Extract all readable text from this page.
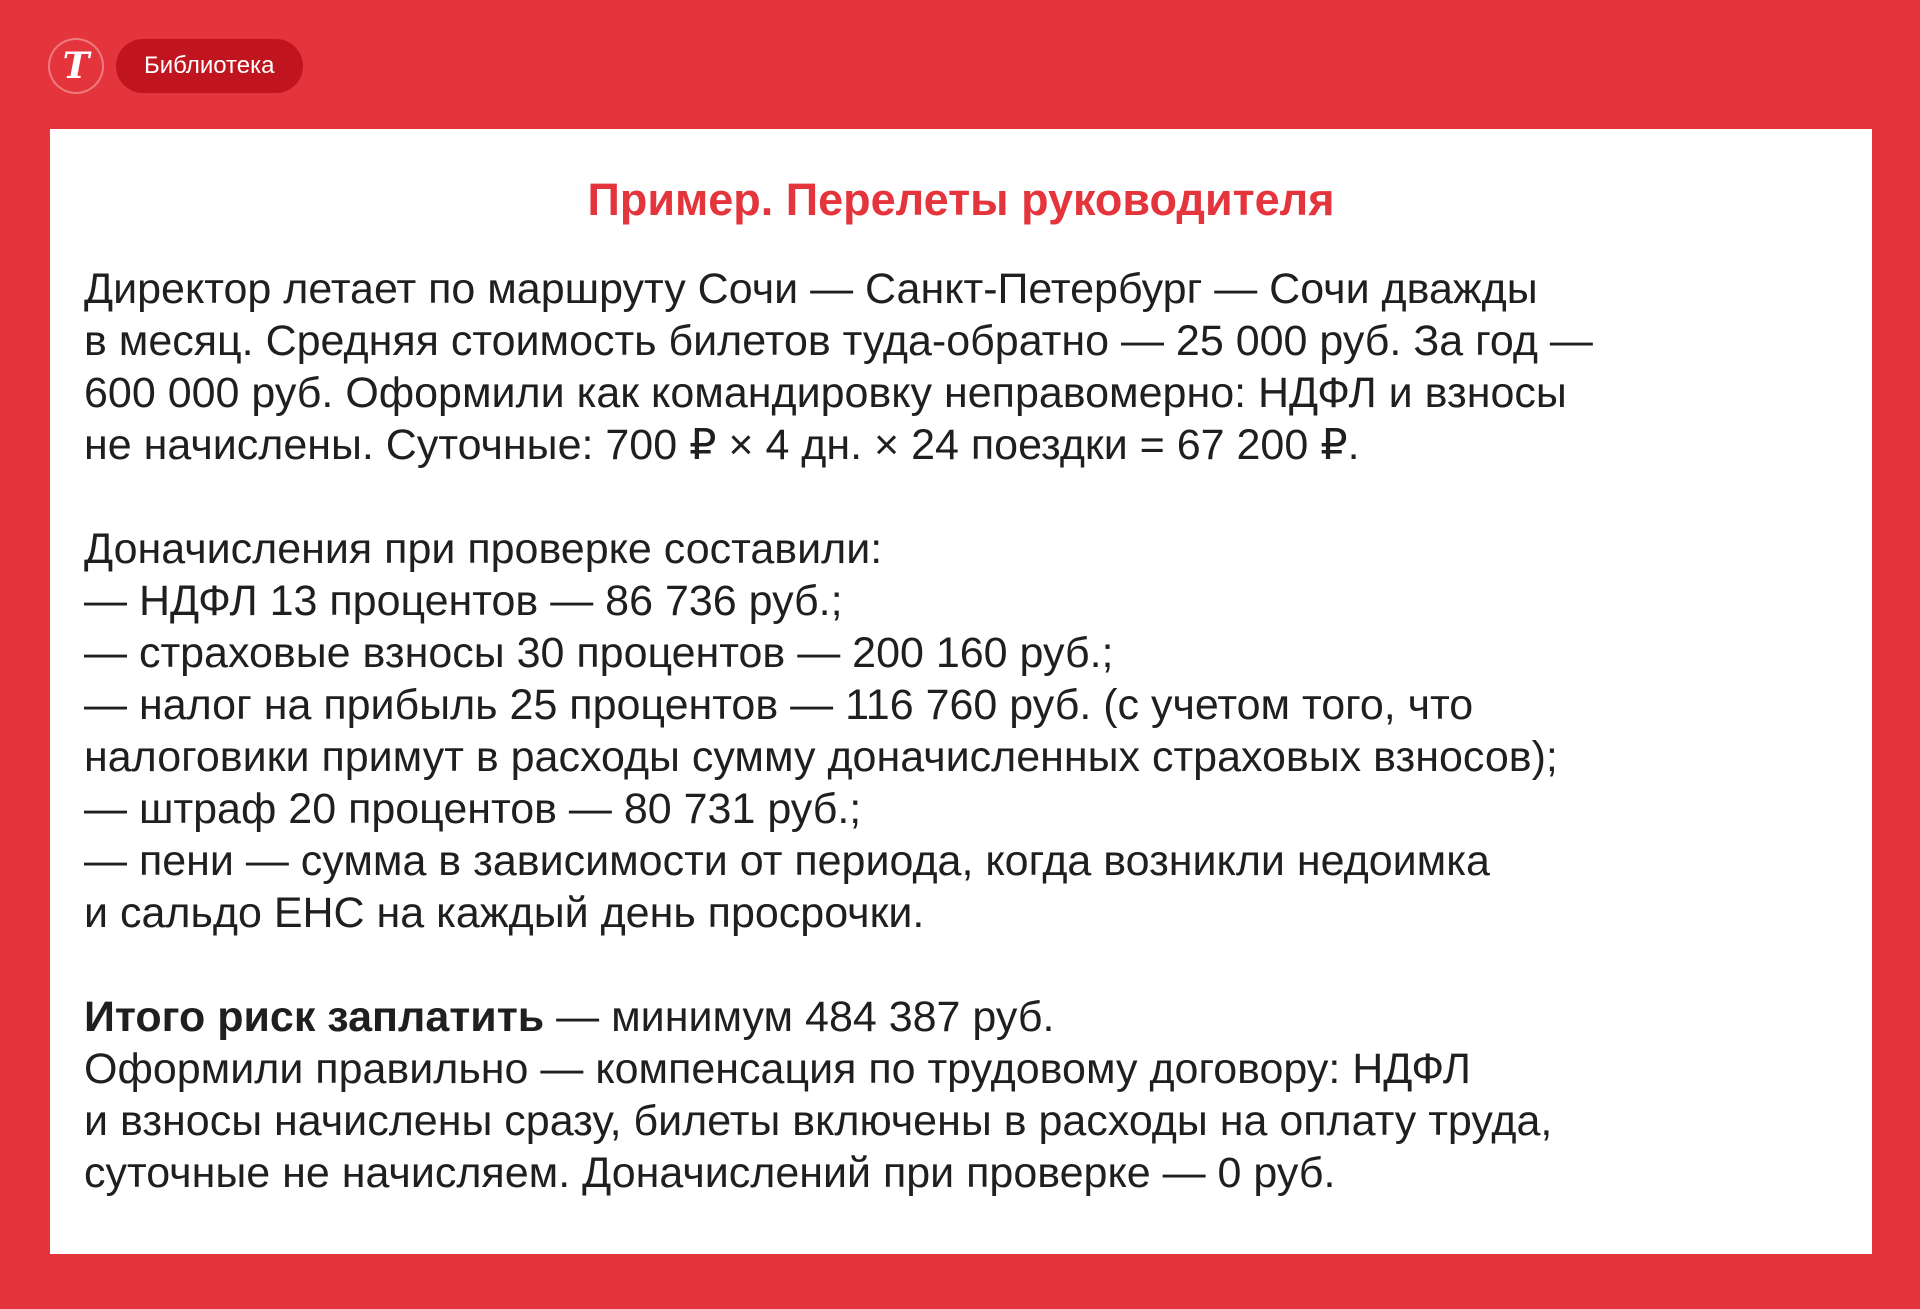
Т	Библиотека
Пример. Перелеты руководителя

Директор летает по маршруту Сочи — Санкт-Петербург — Сочи дважды

в месяц. Средняя стоимость билетов туда-обратно — 25 000 руб. За год —

600 000 руб. Оформили как командировку неправомерно: НДФЛ и взносы

не начислены. Суточные: 700 ₽ × 4 дн. × 24 поездки = 67 200 ₽.

Доначисления при проверке составили:

— НДФЛ 13 процентов — 86 736 руб.;

— страховые взносы 30 процентов — 200 160 руб.;

— налог на прибыль 25 процентов — 116 760 руб. (с учетом того, что

налоговики примут в расходы сумму доначисленных страховых взносов);

— штраф 20 процентов — 80 731 руб.;

— пени — сумма в зависимости от периода, когда возникли недоимка

и сальдо ЕНС на каждый день просрочки.

Итого риск заплатить — минимум 484 387 руб.

Оформили правильно — компенсация по трудовому договору: НДФЛ

и взносы начислены сразу, билеты включены в расходы на оплату труда,

суточные не начисляем. Доначислений при проверке — 0 руб.
